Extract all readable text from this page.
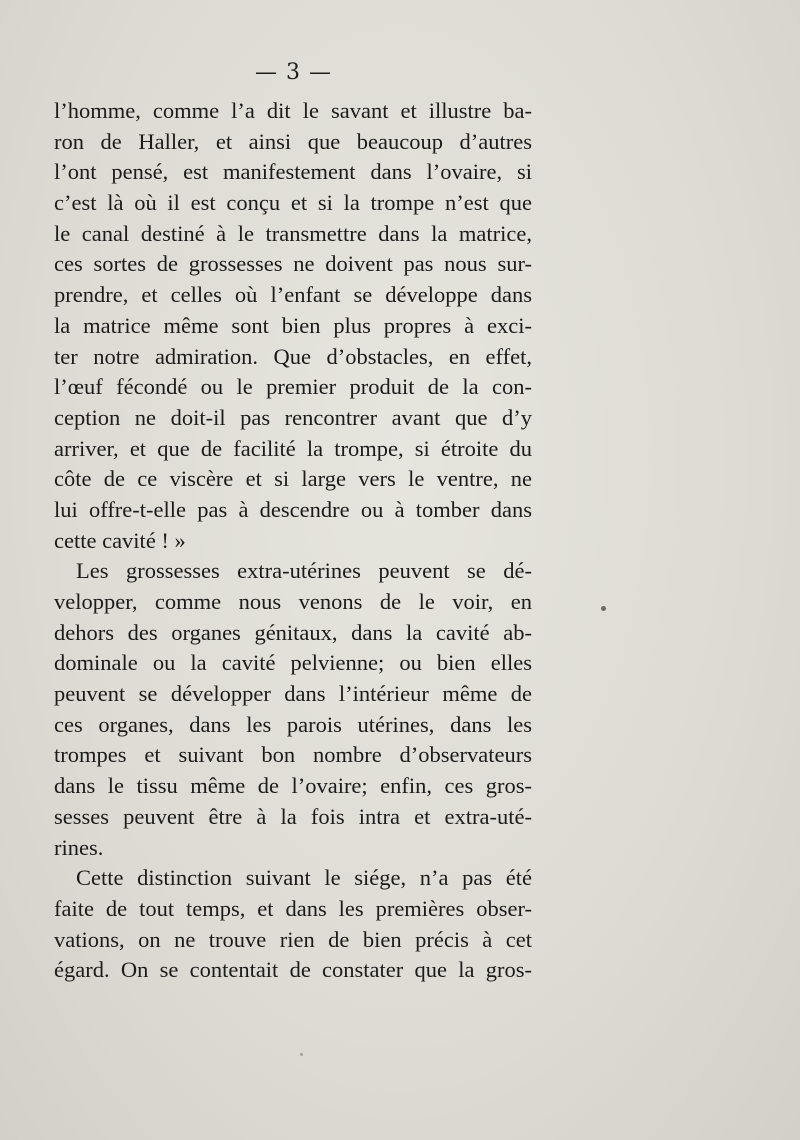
— 3 —
l’homme, comme l’a dit le savant et illustre ba-
ron de Haller, et ainsi que beaucoup d’autres
l’ont pensé, est manifestement dans l’ovaire, si
c’est là où il est conçu et si la trompe n’est que
le canal destiné à le transmettre dans la matrice,
ces sortes de grossesses ne doivent pas nous sur-
prendre, et celles où l’enfant se développe dans
la matrice même sont bien plus propres à exci-
ter notre admiration. Que d’obstacles, en effet,
l’œuf fécondé ou le premier produit de la con-
ception ne doit-il pas rencontrer avant que d’y
arriver, et que de facilité la trompe, si étroite du
côte de ce viscère et si large vers le ventre, ne
lui offre-t-elle pas à descendre ou à tomber dans
cette cavité ! »
Les grossesses extra-utérines peuvent se dé-
velopper, comme nous venons de le voir, en
dehors des organes génitaux, dans la cavité ab-
dominale ou la cavité pelvienne; ou bien elles
peuvent se développer dans l’intérieur même de
ces organes, dans les parois utérines, dans les
trompes et suivant bon nombre d’observateurs
dans le tissu même de l’ovaire; enfin, ces gros-
sesses peuvent être à la fois intra et extra-uté-
rines.
Cette distinction suivant le siége, n’a pas été
faite de tout temps, et dans les premières obser-
vations, on ne trouve rien de bien précis à cet
égard. On se contentait de constater que la gros-
